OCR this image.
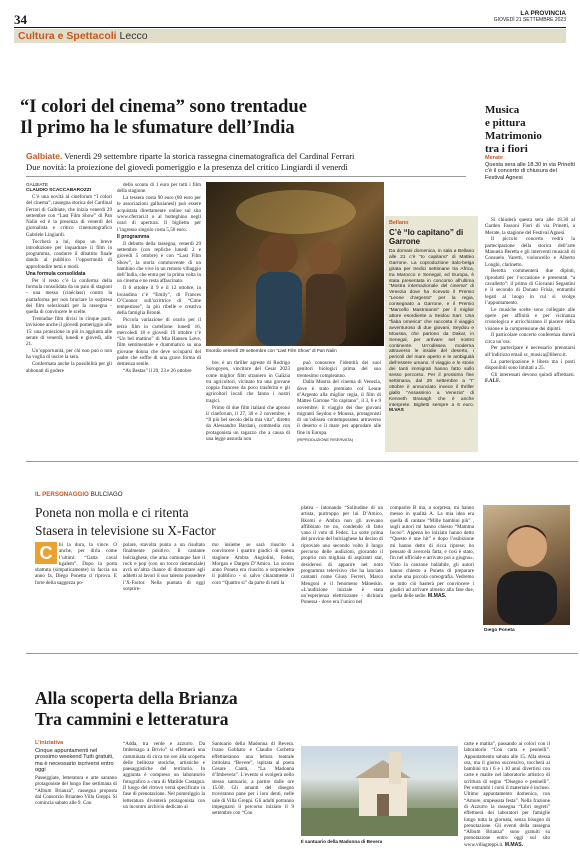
34	LA PROVINCIA
GIOVEDÌ 21 SETTEMBRE 2023
Cultura e Spettacoli Lecco
“I colori del cinema” sono trentadue
Il primo ha le sfumature dell’India
Galbiate. Venerdì 29 settembre riparte la storica rassegna cinematografica del Cardinal Ferrari
Due novità: la proiezione del giovedì pomeriggio e la presenza del critico Lingiardi il venerdì
GALBIATE
CLAUDIO SCACCABAROZZI

C’è una novità al cineforum “I colori del cinema”, rassegna storica del Cardinal Ferrari di Galbiate, che inizia venerdì 29 settembre con “Last Film Show” di Pan Nalin ed è la presenza di venerdì del giornalista e critico cinematografico Gabriele Lingiardi.

Toccherà a lui, dopo un breve introduzione per inquadrare il film in programma, condurre il dibattito finale dando al pubblico l’opportunità di approfondire temi e modi.

Una formula consolidata

Per il resto c’è la conferma della formula consolidata da un paio di stagioni - una messa (cinéclass) contro la piattaforma per non bruciare la sorpresa dei film selezionati per la rassegna - quella di convincere le scelte.

Trentadue film divisi in cinque parti, invisione anche il giovedì pomeriggio alle 15: una proiezione in più in aggiunta alle serate di venerdì, lunedì e giovedì, alle 21.

Un’opportunità, per chi non può o non ha voglia di uscire la sera.

Confermata anche la possibilità per gli abbonati di godere

dello sconto di 1 euro per tutti i film della stagione.

La tessera costa 90 euro (80 euro per le associazioni gallusianesi) può essere acquistata direttamente online sul sito www.cferrari.it o al botteghino negli orari di apertura. Il biglietto per l’ingresso singolo costa 5,50 euro.

Il programma

Il debutto della rassegna, venerdì 29 settembre (con repliche lunedì 2 e giovedì 5 ottobre) è con “Last Film Show”, la storia commovente di un bambino che vive in un remoto villaggio dell’India, che entra per la prima volta in un cinema e ne resta affascinato.

Il 6 ottobre il 9 e il 12 ottobre, in locandina c’è “Emily”, di Frances O’Connor sull’scrittrice di “Cime tempestose”, la più ribelle e creativa della famiglia Brontë.

Piccola variazione di orario per il terzo film in cartellone: lunedì 16, mercoledì 18 e giovedì 19 ottobre c’è “Un bel mattino” di Mia Hansen Løve, film sentimentale e drammatico su una giovane donna che deve occuparsi del padre che soffre di una grave forma di demenza senile.

“As Bestas” il 20, 23 e 26 ottobre

Esordio venerdì 29 settembre con “Last Film Show” di Pan Nalin

bre, è un thriller agreste di Rodrigo Sorogoyen, vincitore del Cesar 2023 come miglior film straniero in Galizia tra agricoltori, vicinato tra una giovane coppia francese da poco trasferita e gli agricoltori locali che fanno i nostri tragici.

Primo di due film italiani che aprono il cineforum, il 27, 30 e 2 novembre, è “Il più bel secolo della mia vita”, diretto da Alessandro Bardani, commedia con protagonista un ragazzo che a causa di una legge assurda non

può conoscere l’identità dei suoi genitori biologici prima del suo trentesimo compleanno.

Dalla Mostra del cinema di Venezia, dove è stato premiato col Leone d’Argento alla miglior regia, il film di Matteo Garrone “Io capitano”, il 3, 6 e 9 novembre: il viaggio dei due giovani migranti Seydou e Moussa, protagonisti di un’odissea contemporanea attraverso il deserto e il mare per approdare alle fine in Europa.

(RIPRODUZIONE RISERVATA)

Bellano
C’è “Io capitano” di Garrone
Da domani domenica, in sala a Bellano alle 21 c’è “Io capitano” di Matteo Garrone. La coproduzione italo-belga girata per tredici settimane tra Africa, tra Marocco e Senegal, ed Europa, è stata presentata in concorso all’ultima “Mostra internazionale del cinema” di Venezia dove ha ricevuto il Premio “Leone d’argento” per la regia, consegnato a Garrone, e il Premio “Marcello Mastroianni” per il miglior attore esordiente a Seidou Sarr. Una “fiaba omerica” che racconta il viaggio avventuroso di due giovani, Seydou e Moussa, che partono da Dakar, in Senegal, per arrivare nel nostro continente. Un’odissea moderna attraverso le insidie del deserto, i pericoli del mare aperto e le ambiguità dell’essere umano. Il viaggio e le storie dei tanti immigrati hanno fatto sullo sesso percorso. Per il prossimo fine settimana, dal 29 settembre a “I” ottobre è annunciato invece il thriller giallo “Assassinio a Venezia” di Kenneth Branagh che è anche interprete. Biglietti sempre a 6 euro. M.VAS
Musica
e pittura
Matrimonio
tra i fiori
Merate
Questa sera alle 18.30 in via Prinetti c’è il concerto di chiusura del Festival Agnesi

Si chiuderà questa sera alle 18.30 al Garden Fassoni Fiori di via Prinetti, a Merate, la stagione del Festival Agnesi.

Il piccolo concerto vedrà la partecipazione della storica dell’arte Manuela Beretta e gli interventi musicali di Consuelo Varetti, violoncello e Alberto Longhi, clarinetto.

Beretta commenterà due dipinti, riprodotti per l’occasione e presentati “a cavalletto”: il primo di Giovanni Segantini e il secondo di Donato Frisia, entrambi legati al luogo in cui si svolge l’appuntamento.

Le musiche scelte sono collegate alle opere per affinità e per vicinanza cronologica e arricchiranno il piacere della visione e la comprensione dei dipinti.

Il particolare concerto conferenza durerà circa un’ora.

Per partecipare è necessario prenotarsi all’indirizzo email sc_musica@libero.it.

La partecipazione è libera ma i posti disponibili sono limitati a 25.

Gli interessati devono quindi affrettarsi. F.ALF.

IL PERSONAGGIO BULCIAGO
Poneta non molla e ci ritenta
Stasera in televisione su X-Factor
C	hi la dura, la vince. O anche, per dirla come l’ultimi: “Gatta caval kgalem”. Dopo la porta sbattuta (simpaticamente) in faccia un anno fa, Diego Ponetta ci riprova. E forte della saggezza po-
polare, stavolta punta a un risultato finalmente positivo. Il cantante bulciaghese, che ama comunque fare il rock e pop (con un tocco demenziale) avrà un’altra chance di dimostrare agli addetti ai lavori il suo talento possedere l’X-Factor. Nella puntata di oggi sceprire-
mo insieme se sarà riuscito a convincere i quattro giudici di questa stagione Ambra Angiolini, Fedez, Morgan e Dargen D’Amico. Lo scorso anno Poneta era riuscito a sorprendere il pubblico - si salvo chiaramente il coro “Quattro sì” da parte di tutti la
platea - intonando “Solitudine di un artista, purtroppo per lui D’Amico, Rkomi e Ambra non gli avevano affibbiato tre no, condendo di fatto vano il voto di Fedez. La sorte prima del provino del bulciaghese ha deciso di riprovare uno secondo volto il lungo percorso delle audizioni, giocando il proprio con migliaia di aspiranti star, desiderosi di apparire nel noto programma televisivo che ha lanciato cantanti come Giusy Ferreri, Marco Mengoni e il fenomeno Måneskin. «L’audizione iniziale è stata un’esperienza elettrizzante - dichiara Ponessa - dove era l’unico nel
comparire B ma, a sorpresa, mi hanno messo in qualità A. La mia idea era quella di cantare “Mille bambini più” , sugli autori mi hanno chiesto “Mamma Iocoo”. Appena ho iniziato hanno detto “Questo è une hit” e dopo l’esibizione mi hanno detto di ricca riprese; ho pensato di avercela fatta, e così è stato, fin nel ufficiale e arrivato poi a giugno». Visto la canzone ballabile, gli autori hanno chiesto a Poneta di preparare anche una piccola coreografia. Vedremo se tutto ciò basterà per convincere i giudici ad arrivare almeno alla fase due, quella delle sedie. M.MAS.
Diego Poneta
Alla scoperta della Brianza
Tra cammini e letteratura
L’iniziativa
Cinque appuntamenti nel prossimo weekend Tutti gratuiti, ma è necessario iscriversi entro oggi
Passeggiate, letteratura e arte saranno protagoniste del lungo fine settimana di “Album Brianza”, rassegna proposta dal Consorzio Brianteo Villa Greppi. Si comincia sabato alle 9. Con
“Adda, tra verde e azzurro. Da Imbersago a Brivio” si effettuerà una camminata di circa tre ore alla scoperta delle bellezze storiche, artistiche e paesaggistiche del territorio. In aggiunta è compreso un laboratorio fotografico a cura di Matilde Castagna. Il luogo del ritrovo verrà specificato in fase di prenotazione. Nel pomeriggio la letteratura diventerà protagonista con un incontro archivio dedicato al
Santuario della Madonna di Bevera. Ivano Gobbato e Claudio Corbetta effettueranno una lettura teatrale intitolata “Bevere”, ispirata al poeta Cesare Cantù, “La Madonna d’Imbevera”. L’evento si svolgerà nello stesso santuario, a partire dalle ore 15.00. Gli amanti del disegno troveranno pane per i loro denti, nelle sale di Villa Greppi. Gli adulti potranno impegnarsi il percorso iniziato il 9 settembre con “Con
Il santuario della Madonna di Bevera
carte e matita”, passando ai colori con il laboratorio “Con carta e pennelli”. Appuntamento sabato alle 15. Alla stessa ora, ma il giorno successivo, toccherà ai bambini tra i 6 e i 10 anni divertirsi con carte e matite nel laboratorio artistico di scrittura di segno “Disegno e pennelli”. Per entrambi i corsi il materiale è incluso. Ultimo appuntamento domenica, con “Amore, smpeseata festa”. Nella frazione di Azzurro la rassegna “Libri segreti” effettuerà dei laboratori per famiglie lungo tutta la giornata, senza bisogno di prenotazione. Gli eventi della rassegna “Album Brianza” sono gratuiti su prenotazione entro oggi sul sito www.villagreppi.it. M.MAS.
